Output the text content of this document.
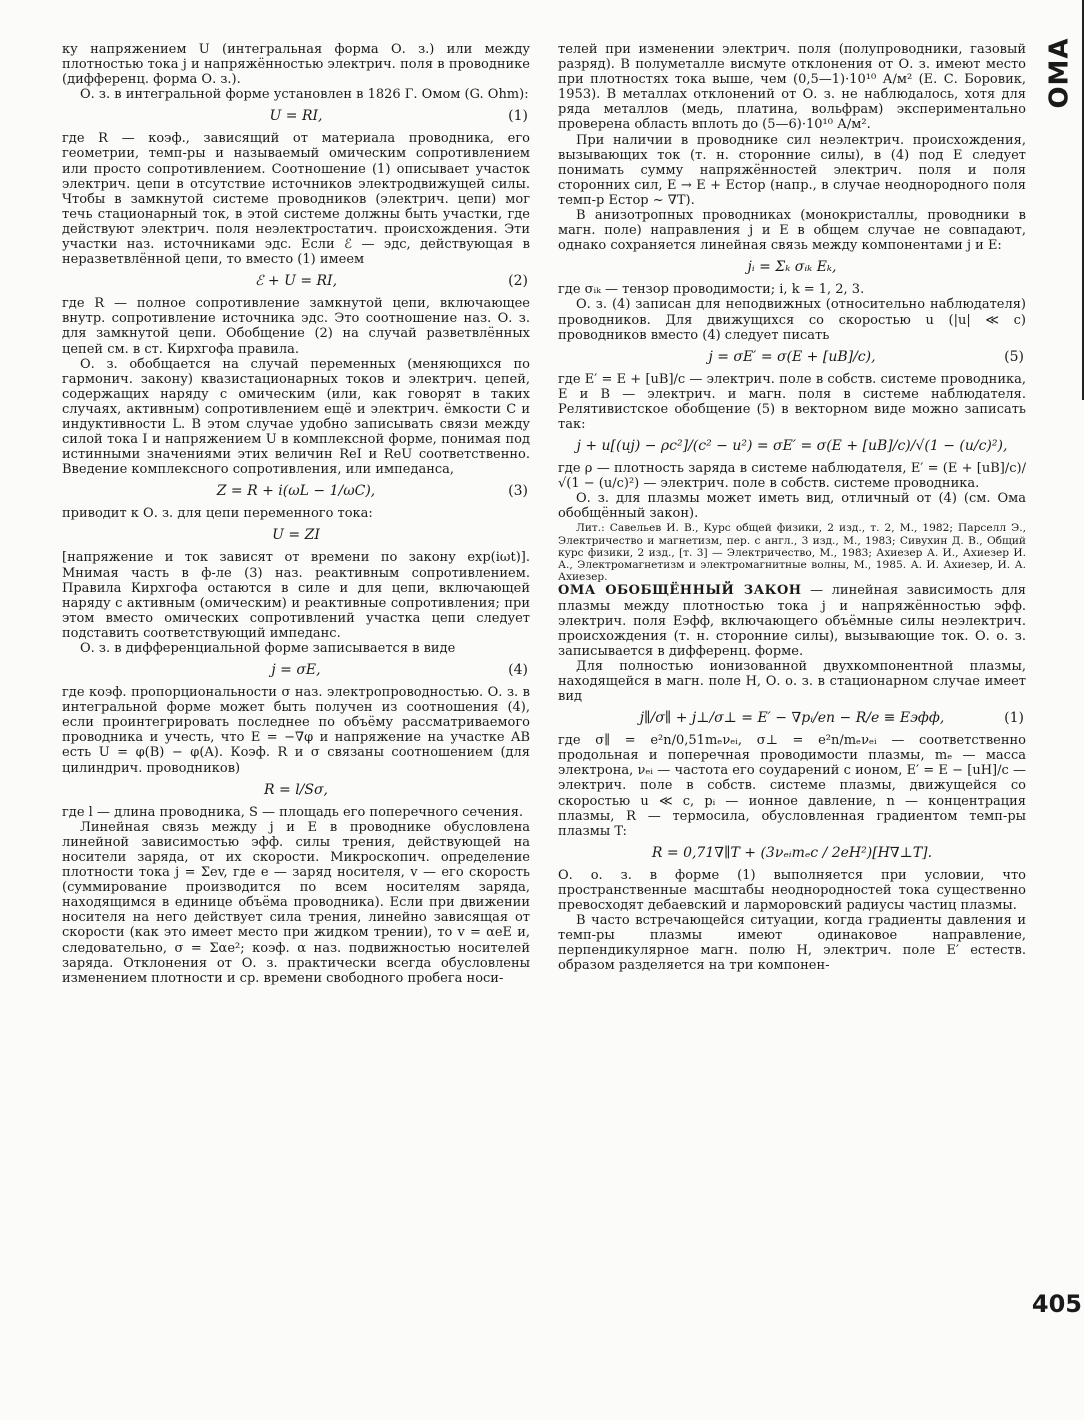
ОМА

ку напряжением U (интегральная форма О. з.) или между плотностью тока j и напряжённостью электрич. поля в проводнике (дифференц. форма О. з.).

О. з. в интегральной форме установлен в 1826 Г. Омом (G. Ohm):

U = RI,	(1)

где R — коэф., зависящий от материала проводника, его геометрии, темп-ры и называемый омическим сопротивлением или просто сопротивлением. Соотношение (1) описывает участок электрич. цепи в отсутствие источников электродвижущей силы. Чтобы в замкнутой системе проводников (электрич. цепи) мог течь стационарный ток, в этой системе должны быть участки, где действуют электрич. поля неэлектростатич. происхождения. Эти участки наз. источниками эдс. Если ℰ — эдс, действующая в неразветвлённой цепи, то вместо (1) имеем

ℰ + U = RI,	(2)

где R — полное сопротивление замкнутой цепи, включающее внутр. сопротивление источника эдс. Это соотношение наз. О. з. для замкнутой цепи. Обобщение (2) на случай разветвлённых цепей см. в ст. Кирхгофа правила.

О. з. обобщается на случай переменных (меняющихся по гармонич. закону) квазистационарных токов и электрич. цепей, содержащих наряду с омическим (или, как говорят в таких случаях, активным) сопротивлением ещё и электрич. ёмкости C и индуктивности L. В этом случае удобно записывать связи между силой тока I и напряжением U в комплексной форме, понимая под истинными значениями этих величин ReI и ReU соответственно. Введение комплексного сопротивления, или импеданса,

Z = R + i(ωL − 1/ωC),	(3)

приводит к О. з. для цепи переменного тока:

U = ZI

[напряжение и ток зависят от времени по закону exp(iωt)]. Мнимая часть в ф-ле (3) наз. реактивным сопротивлением. Правила Кирхгофа остаются в силе и для цепи, включающей наряду с активным (омическим) и реактивные сопротивления; при этом вместо омических сопротивлений участка цепи следует подставить соответствующий импеданс.

О. з. в дифференциальной форме записывается в виде

j = σE,	(4)

где коэф. пропорциональности σ наз. электропроводностью. О. з. в интегральной форме может быть получен из соотношения (4), если проинтегрировать последнее по объёму рассматриваемого проводника и учесть, что E = −∇φ и напряжение на участке AB есть U = φ(B) − φ(A). Коэф. R и σ связаны соотношением (для цилиндрич. проводников)

R = l/Sσ,

где l — длина проводника, S — площадь его поперечного сечения.

Линейная связь между j и E в проводнике обусловлена линейной зависимостью эфф. силы трения, действующей на носители заряда, от их скорости. Микроскопич. определение плотности тока j = Σev, где e — заряд носителя, v — его скорость (суммирование производится по всем носителям заряда, находящимся в единице объёма проводника). Если при движении носителя на него действует сила трения, линейно зависящая от скорости (как это имеет место при жидком трении), то v = αeE и, следовательно, σ = Σαe²; коэф. α наз. подвижностью носителей заряда. Отклонения от О. з. практически всегда обусловлены изменением плотности и ср. времени свободного пробега носи-

телей при изменении электрич. поля (полупроводники, газовый разряд). В полуметалле висмуте отклонения от О. з. имеют место при плотностях тока выше, чем (0,5—1)·10¹⁰ А/м² (Е. С. Боровик, 1953). В металлах отклонений от О. з. не наблюдалось, хотя для ряда металлов (медь, платина, вольфрам) экспериментально проверена область вплоть до (5—6)·10¹⁰ А/м².

При наличии в проводнике сил неэлектрич. происхождения, вызывающих ток (т. н. сторонние силы), в (4) под E следует понимать сумму напряжённостей электрич. поля и поля сторонних сил, E → E + Eстор (напр., в случае неоднородного поля темп-р Eстор ~ ∇T).

В анизотропных проводниках (монокристаллы, проводники в магн. поле) направления j и E в общем случае не совпадают, однако сохраняется линейная связь между компонентами j и E:

jᵢ = Σₖ σᵢₖ Eₖ,

где σᵢₖ — тензор проводимости; i, k = 1, 2, 3.

О. з. (4) записан для неподвижных (относительно наблюдателя) проводников. Для движущихся со скоростью u (|u| ≪ c) проводников вместо (4) следует писать

j = σE′ = σ(E + [uB]/c),	(5)

где E′ = E + [uB]/c — электрич. поле в собств. системе проводника, E и B — электрич. и магн. поля в системе наблюдателя. Релятивистское обобщение (5) в векторном виде можно записать так:

j + u[(uj) − ρc²]/(c² − u²) = σE′ = σ(E + [uB]/c)/√(1 − (u/c)²),

где ρ — плотность заряда в системе наблюдателя, E′ = (E + [uB]/c)/√(1 − (u/c)²) — электрич. поле в собств. системе проводника.

О. з. для плазмы может иметь вид, отличный от (4) (см. Ома обобщённый закон).

Лит.: Савельев И. В., Курс общей физики, 2 изд., т. 2, М., 1982; Парселл Э., Электричество и магнетизм, пер. с англ., 3 изд., М., 1983; Сивухин Д. В., Общий курс физики, 2 изд., [т. 3] — Электричество, М., 1983; Ахиезер А. И., Ахиезер И. А., Электромагнетизм и электромагнитные волны, М., 1985. А. И. Ахиезер, И. А. Ахиезер.

ОМА ОБОБЩЁННЫЙ ЗАКОН — линейная зависимость для плазмы между плотностью тока j и напряжённостью эфф. электрич. поля Eэфф, включающего объёмные силы неэлектрич. происхождения (т. н. сторонние силы), вызывающие ток. О. о. з. записывается в дифференц. форме.

Для полностью ионизованной двухкомпонентной плазмы, находящейся в магн. поле H, О. о. з. в стационарном случае имеет вид

j∥/σ∥ + j⊥/σ⊥ = E′ − ∇pᵢ/en − R/e ≡ Eэфф,	(1)

где σ∥ = e²n/0,51mₑνₑᵢ, σ⊥ = e²n/mₑνₑᵢ — соответственно продольная и поперечная проводимости плазмы, mₑ — масса электрона, νₑᵢ — частота его соударений с ионом, E′ = E − [uH]/c — электрич. поле в собств. системе плазмы, движущейся со скоростью u ≪ c, pᵢ — ионное давление, n — концентрация плазмы, R — термосила, обусловленная градиентом темп-ры плазмы T:

R = 0,71∇∥T + (3νₑᵢmₑc / 2eH²)[H∇⊥T].

О. о. з. в форме (1) выполняется при условии, что пространственные масштабы неоднородностей тока существенно превосходят дебаевский и ларморовский радиусы частиц плазмы.

В часто встречающейся ситуации, когда градиенты давления и темп-ры плазмы имеют одинаковое направление, перпендикулярное магн. полю H, электрич. поле E′ естеств. образом разделяется на три компонен-

405
